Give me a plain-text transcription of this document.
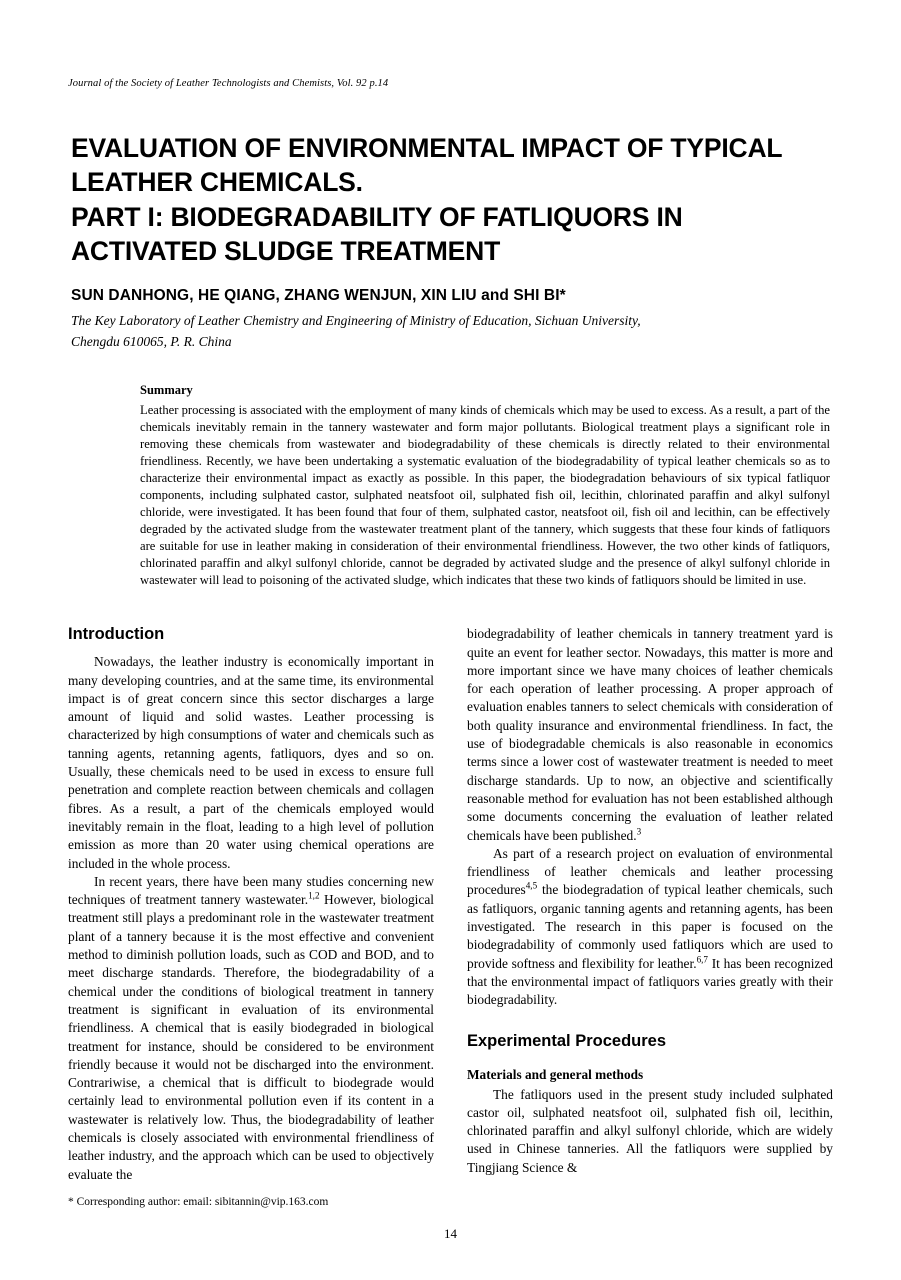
Journal of the Society of Leather Technologists and Chemists, Vol. 92 p.14
EVALUATION OF ENVIRONMENTAL IMPACT OF TYPICAL
LEATHER CHEMICALS.
PART I: BIODEGRADABILITY OF FATLIQUORS IN
ACTIVATED SLUDGE TREATMENT
SUN DANHONG, HE QIANG, ZHANG WENJUN, XIN LIU and SHI BI*
The Key Laboratory of Leather Chemistry and Engineering of Ministry of Education, Sichuan University,
Chengdu 610065, P. R. China
Summary

Leather processing is associated with the employment of many kinds of chemicals which may be used to excess. As a result, a part of the chemicals inevitably remain in the tannery wastewater and form major pollutants. Biological treatment plays a significant role in removing these chemicals from wastewater and biodegradability of these chemicals is directly related to their environmental friendliness. Recently, we have been undertaking a systematic evaluation of the biodegradability of typical leather chemicals so as to characterize their environmental impact as exactly as possible. In this paper, the biodegradation behaviours of six typical fatliquor components, including sulphated castor, sulphated neatsfoot oil, sulphated fish oil, lecithin, chlorinated paraffin and alkyl sulfonyl chloride, were investigated. It has been found that four of them, sulphated castor, neatsfoot oil, fish oil and lecithin, can be effectively degraded by the activated sludge from the wastewater treatment plant of the tannery, which suggests that these four kinds of fatliquors are suitable for use in leather making in consideration of their environmental friendliness. However, the two other kinds of fatliquors, chlorinated paraffin and alkyl sulfonyl chloride, cannot be degraded by activated sludge and the presence of alkyl sulfonyl chloride in wastewater will lead to poisoning of the activated sludge, which indicates that these two kinds of fatliquors should be limited in use.

Introduction

Nowadays, the leather industry is economically important in many developing countries, and at the same time, its environmental impact is of great concern since this sector discharges a large amount of liquid and solid wastes. Leather processing is characterized by high consumptions of water and chemicals such as tanning agents, retanning agents, fatliquors, dyes and so on. Usually, these chemicals need to be used in excess to ensure full penetration and complete reaction between chemicals and collagen fibres. As a result, a part of the chemicals employed would inevitably remain in the float, leading to a high level of pollution emission as more than 20 water using chemical operations are included in the whole process.

In recent years, there have been many studies concerning new techniques of treatment tannery wastewater.$^{1,2}$ However, biological treatment still plays a predominant role in the wastewater treatment plant of a tannery because it is the most effective and convenient method to diminish pollution loads, such as COD and BOD, and to meet discharge standards. Therefore, the biodegradability of a chemical under the conditions of biological treatment in tannery treatment is significant in evaluation of its environmental friendliness. A chemical that is easily biodegraded in biological treatment for instance, should be considered to be environment friendly because it would not be discharged into the environment. Contrariwise, a chemical that is difficult to biodegrade would certainly lead to environmental pollution even if its content in a wastewater is relatively low. Thus, the biodegradability of leather chemicals is closely associated with environmental friendliness of leather industry, and the approach which can be used to objectively evaluate the

biodegradability of leather chemicals in tannery treatment yard is quite an event for leather sector. Nowadays, this matter is more and more important since we have many choices of leather chemicals for each operation of leather processing. A proper approach of evaluation enables tanners to select chemicals with consideration of both quality insurance and environmental friendliness. In fact, the use of biodegradable chemicals is also reasonable in economics terms since a lower cost of wastewater treatment is needed to meet discharge standards. Up to now, an objective and scientifically reasonable method for evaluation has not been established although some documents concerning the evaluation of leather related chemicals have been published.$^3$

As part of a research project on evaluation of environmental friendliness of leather chemicals and leather processing procedures$^{4,5}$ the biodegradation of typical leather chemicals, such as fatliquors, organic tanning agents and retanning agents, has been investigated. The research in this paper is focused on the biodegradability of commonly used fatliquors which are used to provide softness and flexibility for leather.$^{6,7}$ It has been recognized that the environmental impact of fatliquors varies greatly with their biodegradability.

Experimental Procedures
Materials and general methods

The fatliquors used in the present study included sulphated castor oil, sulphated neatsfoot oil, sulphated fish oil, lecithin, chlorinated paraffin and alkyl sulfonyl chloride, which are widely used in Chinese tanneries. All the fatliquors were supplied by Tingjiang Science &

* Corresponding author: email: sibitannin@vip.163.com
14
